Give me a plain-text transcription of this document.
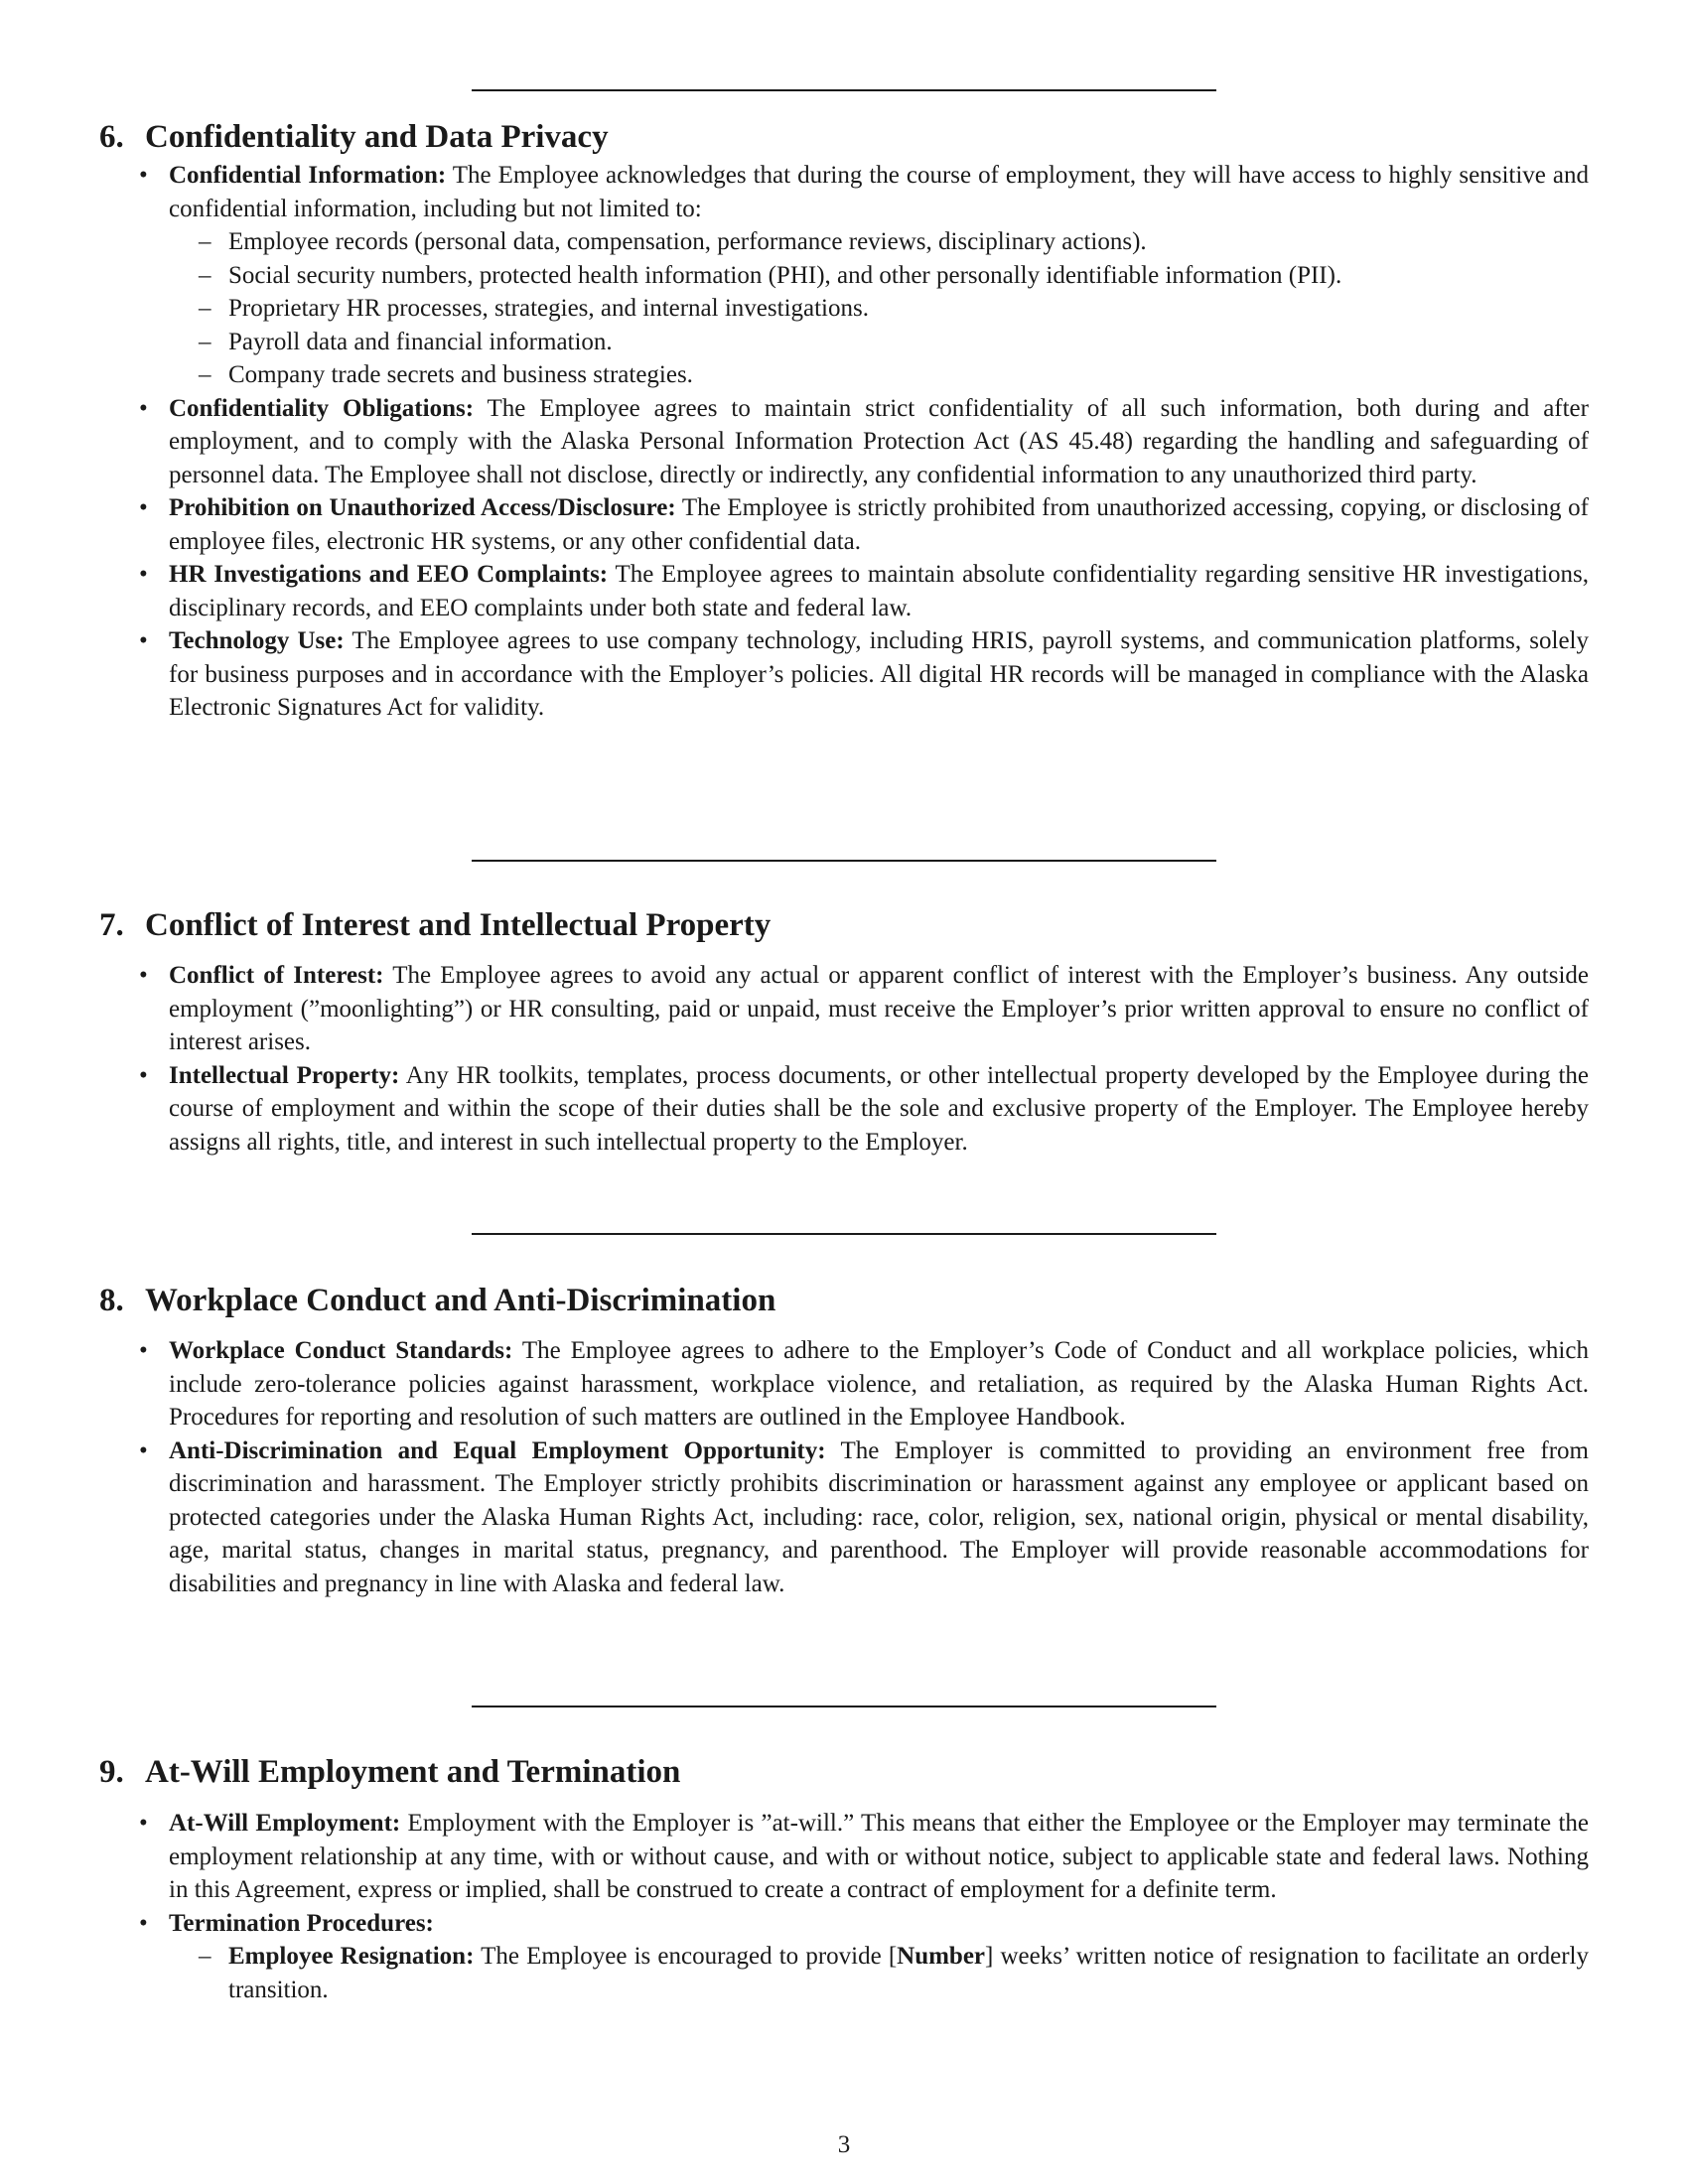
6. Confidentiality and Data Privacy
• Confidential Information: The Employee acknowledges that during the course of employment, they will have access to highly sensitive and confidential information, including but not limited to:
– Employee records (personal data, compensation, performance reviews, disciplinary actions).
– Social security numbers, protected health information (PHI), and other personally identifiable information (PII).
– Proprietary HR processes, strategies, and internal investigations.
– Payroll data and financial information.
– Company trade secrets and business strategies.
• Confidentiality Obligations: The Employee agrees to maintain strict confidentiality of all such information, both during and after employment, and to comply with the Alaska Personal Information Protection Act (AS 45.48) regarding the handling and safeguarding of personnel data. The Employee shall not disclose, directly or indirectly, any confidential information to any unauthorized third party.
• Prohibition on Unauthorized Access/Disclosure: The Employee is strictly prohibited from unauthorized accessing, copying, or disclosing of employee files, electronic HR systems, or any other confidential data.
• HR Investigations and EEO Complaints: The Employee agrees to maintain absolute confidentiality regarding sensitive HR investigations, disciplinary records, and EEO complaints under both state and federal law.
• Technology Use: The Employee agrees to use company technology, including HRIS, payroll systems, and communication platforms, solely for business purposes and in accordance with the Employer’s policies. All digital HR records will be managed in compliance with the Alaska Electronic Signatures Act for validity.
7. Conflict of Interest and Intellectual Property
• Conflict of Interest: The Employee agrees to avoid any actual or apparent conflict of interest with the Employer’s business. Any outside employment (”moonlighting”) or HR consulting, paid or unpaid, must receive the Employer’s prior written approval to ensure no conflict of interest arises.
• Intellectual Property: Any HR toolkits, templates, process documents, or other intellectual property developed by the Employee during the course of employment and within the scope of their duties shall be the sole and exclusive property of the Employer. The Employee hereby assigns all rights, title, and interest in such intellectual property to the Employer.
8. Workplace Conduct and Anti-Discrimination
• Workplace Conduct Standards: The Employee agrees to adhere to the Employer’s Code of Conduct and all workplace policies, which include zero-tolerance policies against harassment, workplace violence, and retaliation, as required by the Alaska Human Rights Act. Procedures for reporting and resolution of such matters are outlined in the Employee Handbook.
• Anti-Discrimination and Equal Employment Opportunity: The Employer is committed to providing an environment free from discrimination and harassment. The Employer strictly prohibits discrimination or harassment against any employee or applicant based on protected categories under the Alaska Human Rights Act, including: race, color, religion, sex, national origin, physical or mental disability, age, marital status, changes in marital status, pregnancy, and parenthood. The Employer will provide reasonable accommodations for disabilities and pregnancy in line with Alaska and federal law.
9. At-Will Employment and Termination
• At-Will Employment: Employment with the Employer is ”at-will.” This means that either the Employee or the Employer may terminate the employment relationship at any time, with or without cause, and with or without notice, subject to applicable state and federal laws. Nothing in this Agreement, express or implied, shall be construed to create a contract of employment for a definite term.
• Termination Procedures:
– Employee Resignation: The Employee is encouraged to provide [Number] weeks’ written notice of resignation to facilitate an orderly transition.
3
